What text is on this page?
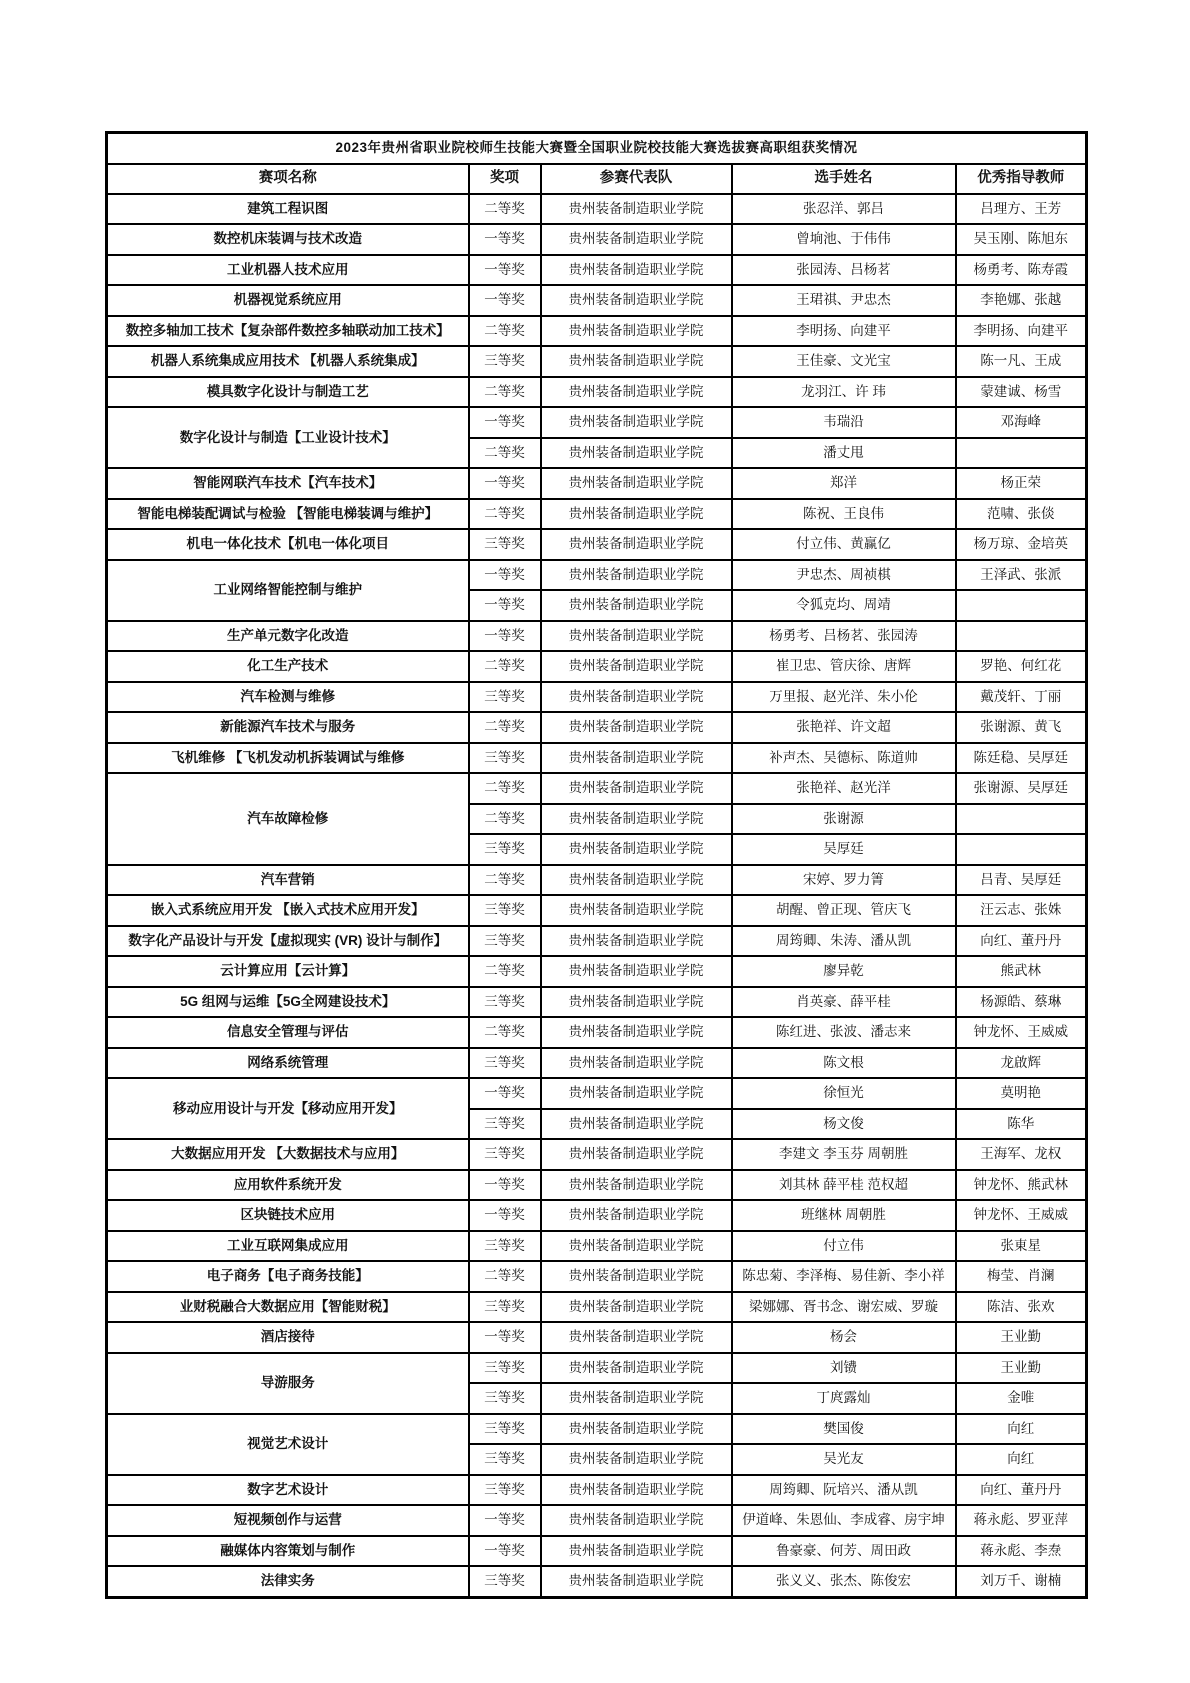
2023年贵州省职业院校师生技能大赛暨全国职业院校技能大赛选拔赛高职组获奖情况				
赛项名称	奖项	参赛代表队	选手姓名	优秀指导教师
建筑工程识图	二等奖	贵州装备制造职业学院	张忍洋、郭吕	吕理方、王芳
数控机床装调与技术改造	一等奖	贵州装备制造职业学院	曾垧池、于伟伟	吴玉刚、陈旭东
工业机器人技术应用	一等奖	贵州装备制造职业学院	张园涛、吕杨茗	杨勇考、陈寿霞
机器视觉系统应用	一等奖	贵州装备制造职业学院	王珺祺、尹忠杰	李艳娜、张越
数控多轴加工技术【复杂部件数控多轴联动加工技术】	二等奖	贵州装备制造职业学院	李明扬、向建平	李明扬、向建平
机器人系统集成应用技术 【机器人系统集成】	三等奖	贵州装备制造职业学院	王佳豪、文光宝	陈一凡、王成
模具数字化设计与制造工艺	二等奖	贵州装备制造职业学院	龙羽江、许 玮	蒙建诚、杨雪
数字化设计与制造【工业设计技术】	一等奖	贵州装备制造职业学院	韦瑞沿	邓海峰
	二等奖	贵州装备制造职业学院	潘丈甩	
智能网联汽车技术【汽车技术】	一等奖	贵州装备制造职业学院	郑洋	杨正荣
智能电梯装配调试与检验 【智能电梯装调与维护】	二等奖	贵州装备制造职业学院	陈祝、王良伟	范啸、张倓
机电一体化技术【机电一体化项目	三等奖	贵州装备制造职业学院	付立伟、黄赢亿	杨万琼、金培英
工业网络智能控制与维护	一等奖	贵州装备制造职业学院	尹忠杰、周祯棋	王泽武、张派
	一等奖	贵州装备制造职业学院	令狐克均、周靖	
生产单元数字化改造	一等奖	贵州装备制造职业学院	杨勇考、吕杨茗、张园涛	
化工生产技术	二等奖	贵州装备制造职业学院	崔卫忠、管庆徐、唐辉	罗艳、何红花
汽车检测与维修	三等奖	贵州装备制造职业学院	万里报、赵光洋、朱小伦	戴茂轩、丁丽
新能源汽车技术与服务	二等奖	贵州装备制造职业学院	张艳祥、许文超	张谢源、黄飞
飞机维修 【飞机发动机拆装调试与维修	三等奖	贵州装备制造职业学院	补声杰、吴德标、陈道帅	陈廷稳、吴厚廷
汽车故障检修	二等奖	贵州装备制造职业学院	张艳祥、赵光洋	张谢源、吴厚廷
	二等奖	贵州装备制造职业学院	张谢源	
	三等奖	贵州装备制造职业学院	吴厚廷	
汽车营销	二等奖	贵州装备制造职业学院	宋婷、罗力箐	吕青、吴厚廷
嵌入式系统应用开发 【嵌入式技术应用开发】	三等奖	贵州装备制造职业学院	胡醒、曾正现、管庆飞	汪云志、张姝
数字化产品设计与开发【虚拟现实 (VR) 设计与制作】	三等奖	贵州装备制造职业学院	周筠卿、朱涛、潘从凯	向红、董丹丹
云计算应用【云计算】	二等奖	贵州装备制造职业学院	廖异乾	熊武林
5G 组网与运维【5G全网建设技术】	三等奖	贵州装备制造职业学院	肖英豪、薛平桂	杨源皓、蔡琳
信息安全管理与评估	二等奖	贵州装备制造职业学院	陈红进、张波、潘志来	钟龙怀、王威威
网络系统管理	三等奖	贵州装备制造职业学院	陈文根	龙啟辉
移动应用设计与开发【移动应用开发】	一等奖	贵州装备制造职业学院	徐恒光	莫明艳
	三等奖	贵州装备制造职业学院	杨文俊	陈华
大数据应用开发 【大数据技术与应用】	三等奖	贵州装备制造职业学院	李建文 李玉芬 周朝胜	王海军、龙权
应用软件系统开发	一等奖	贵州装备制造职业学院	刘其林 薛平桂 范权超	钟龙怀、熊武林
区块链技术应用	一等奖	贵州装备制造职业学院	班继林 周朝胜	钟龙怀、王威威
工业互联网集成应用	三等奖	贵州装备制造职业学院	付立伟	张東星
电子商务【电子商务技能】	二等奖	贵州装备制造职业学院	陈忠菊、李泽梅、易佳新、李小祥	梅莹、肖澜
业财税融合大数据应用【智能财税】	三等奖	贵州装备制造职业学院	梁娜娜、胥书念、谢宏威、罗璇	陈洁、张欢
酒店接待	一等奖	贵州装备制造职业学院	杨会	王业勤
导游服务	三等奖	贵州装备制造职业学院	刘镄	王业勤
	三等奖	贵州装备制造职业学院	丁庹露灿	金唯
视觉艺术设计	三等奖	贵州装备制造职业学院	樊国俊	向红
	三等奖	贵州装备制造职业学院	吴光友	向红
数字艺术设计	三等奖	贵州装备制造职业学院	周筠卿、阮培兴、潘从凯	向红、董丹丹
短视频创作与运营	一等奖	贵州装备制造职业学院	伊道峰、朱恩仙、李成睿、房宇坤	蒋永彪、罗亚萍
融媒体内容策划与制作	一等奖	贵州装备制造职业学院	鲁豪豪、何芳、周田政	蒋永彪、李焘
法律实务	三等奖	贵州装备制造职业学院	张义义、张杰、陈俊宏	刘万千、谢楠
